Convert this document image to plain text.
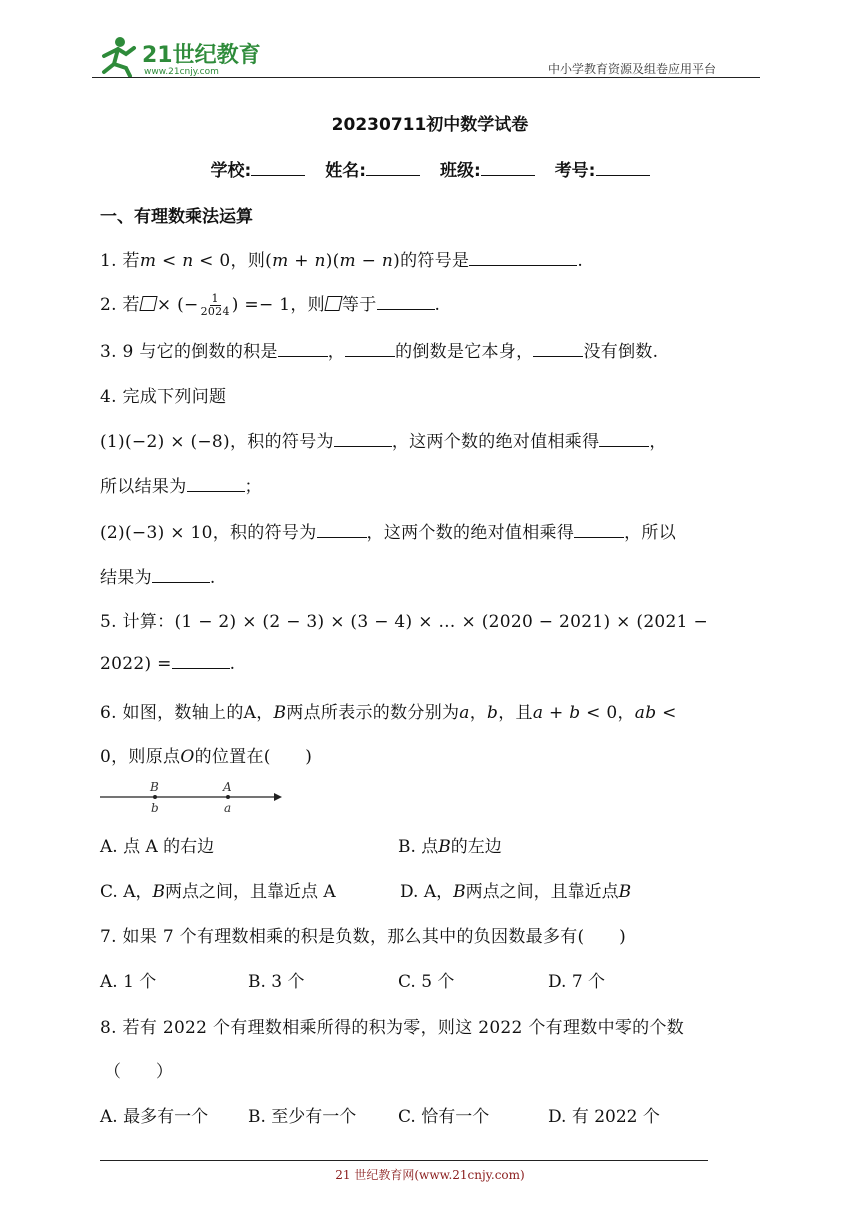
21世纪教育
www.21cnjy.com	中小学教育资源及组卷应用平台
20230711初中数学试卷
学校:	姓名:	班级:	考号:
一、有理数乘法运算
1. 若𝑚 < 𝑛 < 0，则(𝑚 + 𝑛)(𝑚 − 𝑛)的符号是	.
2. 若 × (− $\frac{1}{2024}$ ) =− 1，则 等于	.
3. 9 与它的倒数的积是	，	的倒数是它本身，	没有倒数.
4. 完成下列问题
(1)(−2) × (−8)，积的符号为	，这两个数的绝对值相乘得	，
所以结果为	；
(2)(−3) × 10，积的符号为	，这两个数的绝对值相乘得	，所以
结果为	.
5. 计算：(1 − 2) × (2 − 3) × (3 − 4) × … × (2020 − 2021) × (2021 −
2022) =	.
6. 如图，数轴上的A，𝐵两点所表示的数分别为𝑎，𝑏，且𝑎 + 𝑏 < 0，𝑎𝑏 <
0，则原点𝑂的位置在(　　)
B	A
b	a
A. 点 A 的右边	B. 点𝐵的左边
C. A，𝐵两点之间，且靠近点 A	D. A，𝐵两点之间，且靠近点𝐵
7. 如果 7 个有理数相乘的积是负数，那么其中的负因数最多有(　　)
A. 1 个	B. 3 个	C. 5 个	D. 7 个
8. 若有 2022 个有理数相乘所得的积为零，则这 2022 个有理数中零的个数
（　　）
A. 最多有一个 B. 至少有一个 C. 恰有一个	D. 有 2022 个
21 世纪教育网(www.21cnjy.com)
